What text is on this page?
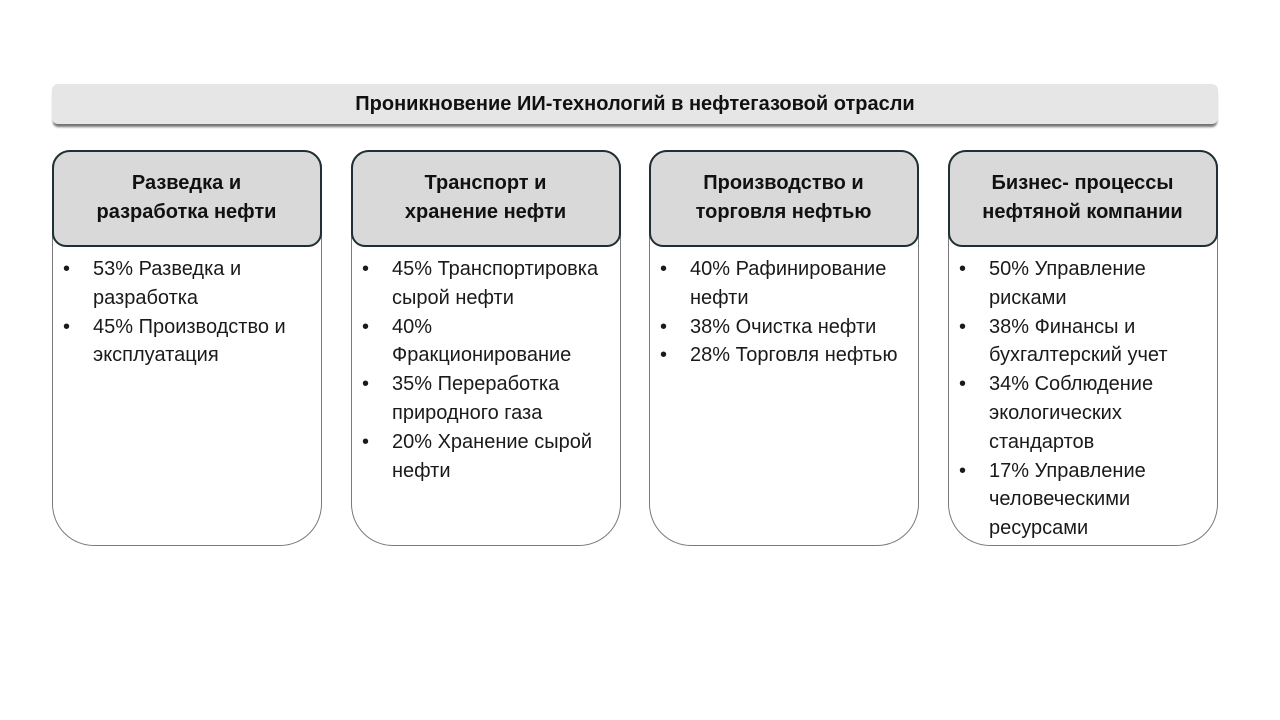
Проникновение ИИ-технологий в нефтегазовой отрасли
Разведка и разработка нефти
• 53% Разведка и разработка
• 45% Производство и эксплуатация
Транспорт и хранение нефти
• 45% Транспортировка сырой нефти
• 40% Фракционирование
• 35% Переработка природного газа
• 20% Хранение сырой нефти
Производство и торговля нефтью
• 40% Рафинирование нефти
• 38% Очистка нефти
• 28% Торговля нефтью
Бизнес- процессы нефтяной компании
• 50% Управление рисками
• 38% Финансы и бухгалтерский учет
• 34% Соблюдение экологических стандартов
• 17% Управление человеческими ресурсами
